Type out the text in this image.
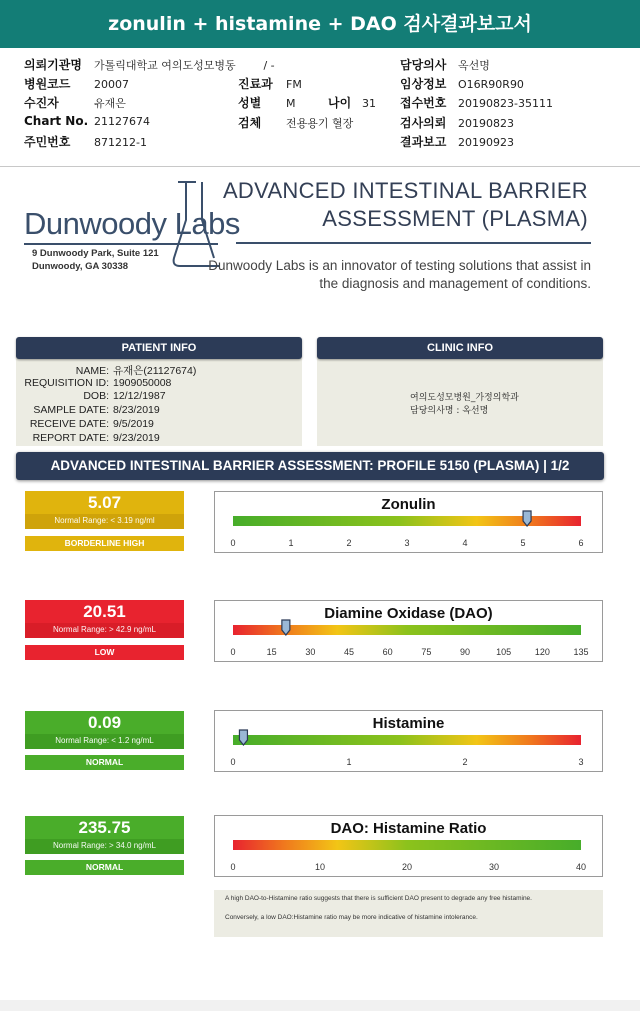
zonulin + histamine + DAO 검사결과보고서
의뢰기관명 가톨릭대학교 여의도성모병동	/ -	담당의사 옥선명
병원코드 20007	진료과 FM	임상정보 O16R90R90
수진자	유재은	성별 M	나이 31 접수번호 20190823-35111
Chart No. 21127674	검체 전용용기 혈장	검사의뢰 20190823
주민번호 871212-1	결과보고 20190923
Dunwoody Labs
9 Dunwoody Park, Suite 121
Dunwoody, GA 30338
ADVANCED INTESTINAL BARRIER
ASSESSMENT (PLASMA)
Dunwoody Labs is an innovator of testing solutions that assist in
the diagnosis and management of conditions.
PATIENT INFO
NAME: 유재은(21127674)
REQUISITION ID: 1909050008
DOB: 12/12/1987
SAMPLE DATE: 8/23/2019
RECEIVE DATE: 9/5/2019
REPORT DATE: 9/23/2019
CLINIC INFO
여의도성모병원_가정의학과
담당의사명 : 옥선명
ADVANCED INTESTINAL BARRIER ASSESSMENT: PROFILE 5150 (PLASMA) | 1/2
5.07
Normal Range: < 3.19 ng/ml
BORDERLINE HIGH
20.51
Normal Range: > 42.9 ng/mL
LOW
0.09
Normal Range: < 1.2 ng/mL
NORMAL
235.75
Normal Range: > 34.0 ng/mL
NORMAL
Zonulin
0	1	2	3	4	5	6
Diamine Oxidase (DAO)
0	15	30	45	60	75	90	105	120	135
Histamine
0	1	2	3
DAO: Histamine Ratio
0	10	20	30	40
A high DAO-to-Histamine ratio suggests that there is sufficient DAO present to degrade any free histamine.
Conversely, a low DAO:Histamine ratio may be more indicative of histamine intolerance.
